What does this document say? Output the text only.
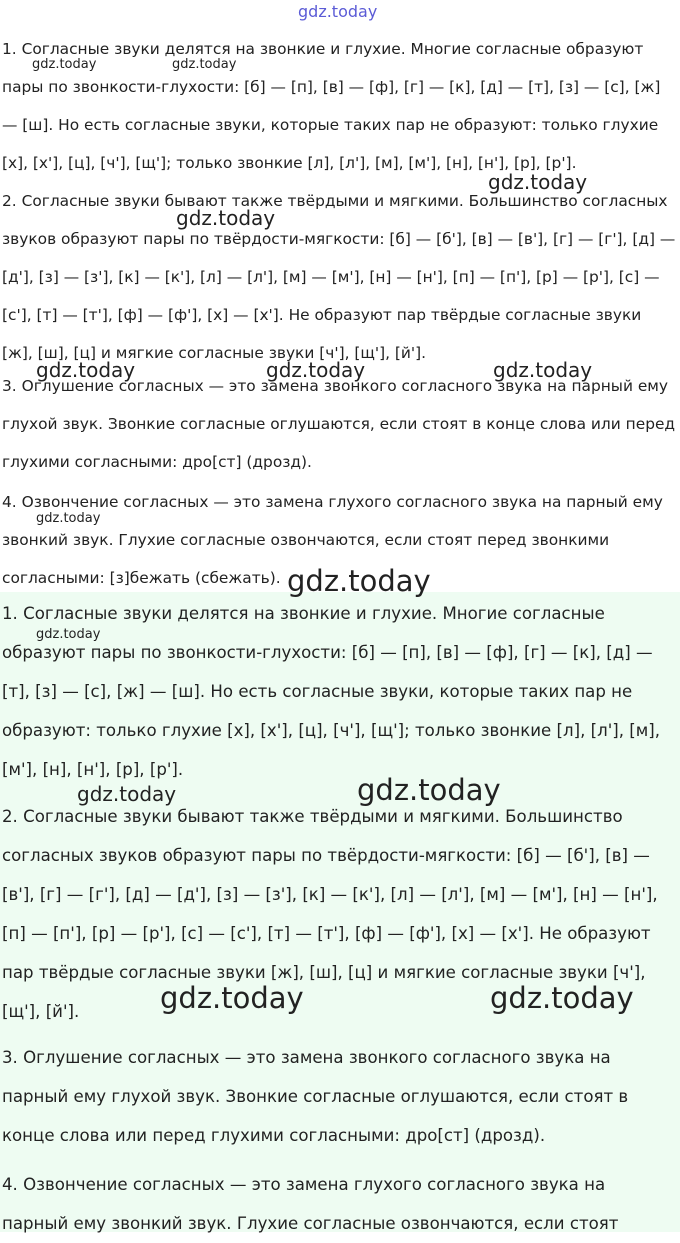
gdz.today

1. Согласные звуки делятся на звонкие и глухие. Многие согласные образуют пары по звонкости-глухости: [б] — [п], [в] — [ф], [г] — [к], [д] — [т], [з] — [с], [ж] — [ш]. Но есть согласные звуки, которые таких пар не образуют: только глухие [х], [х'], [ц], [ч'], [щ']; только звонкие [л], [л'], [м], [м'], [н], [н'], [р], [р'].

2. Согласные звуки бывают также твёрдыми и мягкими. Большинство согласных звуков образуют пары по твёрдости-мягкости: [б] — [б'], [в] — [в'], [г] — [г'], [д] — [д'], [з] — [з'], [к] — [к'], [л] — [л'], [м] — [м'], [н] — [н'], [п] — [п'], [р] — [р'], [с] — [с'], [т] — [т'], [ф] — [ф'], [х] — [х']. Не образуют пар твёрдые согласные звуки [ж], [ш], [ц] и мягкие согласные звуки [ч'], [щ'], [й'].

3. Оглушение согласных — это замена звонкого согласного звука на парный ему глухой звук. Звонкие согласные оглушаются, если стоят в конце слова или перед глухими согласными: дро[ст] (дрозд).

4. Озвончение согласных — это замена глухого согласного звука на парный ему звонкий звук. Глухие согласные озвончаются, если стоят перед звонкими согласными: [з]бежать (сбежать).

1. Согласные звуки делятся на звонкие и глухие. Многие согласные образуют пары по звонкости-глухости: [б] — [п], [в] — [ф], [г] — [к], [д] — [т], [з] — [с], [ж] — [ш]. Но есть согласные звуки, которые таких пар не образуют: только глухие [х], [х'], [ц], [ч'], [щ']; только звонкие [л], [л'], [м], [м'], [н], [н'], [р], [р'].

2. Согласные звуки бывают также твёрдыми и мягкими. Большинство согласных звуков образуют пары по твёрдости-мягкости: [б] — [б'], [в] — [в'], [г] — [г'], [д] — [д'], [з] — [з'], [к] — [к'], [л] — [л'], [м] — [м'], [н] — [н'], [п] — [п'], [р] — [р'], [с] — [с'], [т] — [т'], [ф] — [ф'], [х] — [х']. Не образуют пар твёрдые согласные звуки [ж], [ш], [ц] и мягкие согласные звуки [ч'], [щ'], [й'].

3. Оглушение согласных — это замена звонкого согласного звука на парный ему глухой звук. Звонкие согласные оглушаются, если стоят в конце слова или перед глухими согласными: дро[ст] (дрозд).

4. Озвончение согласных — это замена глухого согласного звука на парный ему звонкий звук. Глухие согласные озвончаются, если стоят

gdz.today	gdz.today
gdz.today
gdz.today
gdz.today	gdz.today	gdz.today
gdz.today
gdz.today
gdz.today
gdz.today	gdz.today
gdz.today	gdz.today
